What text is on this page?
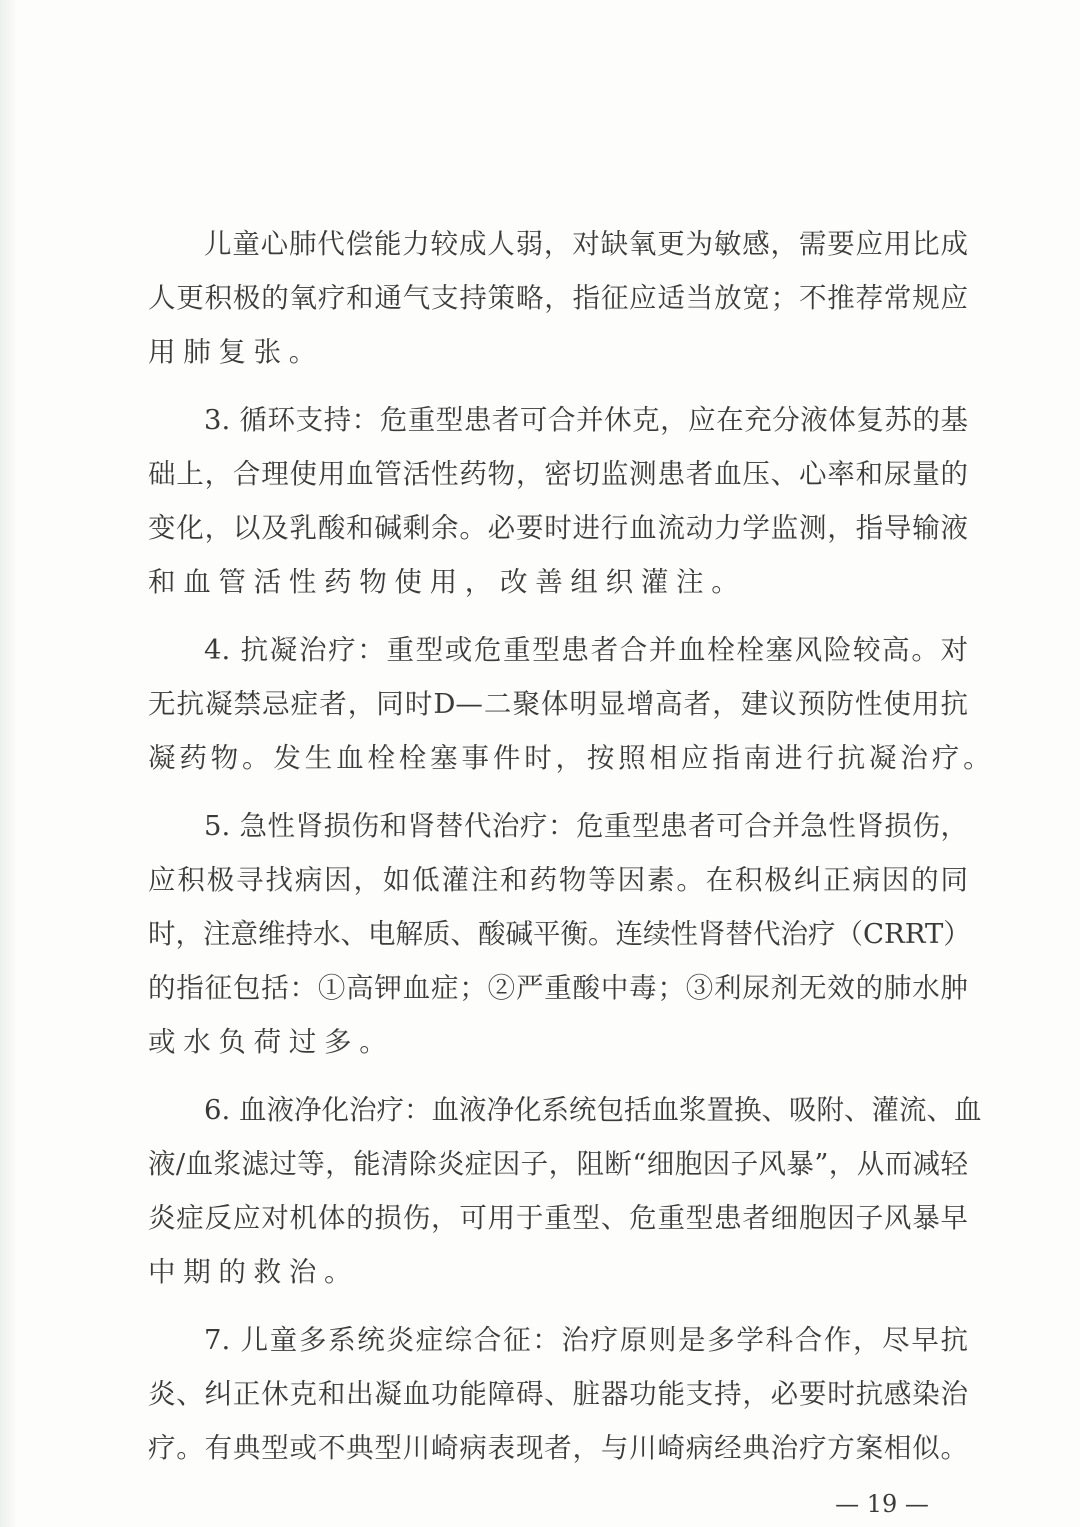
儿童心肺代偿能力较成人弱，对缺氧更为敏感，需要应用比成
人更积极的氧疗和通气支持策略，指征应适当放宽；不推荐常规应
用肺复张。
3. 循环支持：危重型患者可合并休克，应在充分液体复苏的基
础上，合理使用血管活性药物，密切监测患者血压、心率和尿量的
变化，以及乳酸和碱剩余。必要时进行血流动力学监测，指导输液
和血管活性药物使用，改善组织灌注。
4. 抗凝治疗：重型或危重型患者合并血栓栓塞风险较高。对
无抗凝禁忌症者，同时D—二聚体明显增高者，建议预防性使用抗
凝药物。发生血栓栓塞事件时，按照相应指南进行抗凝治疗。
5. 急性肾损伤和肾替代治疗：危重型患者可合并急性肾损伤，
应积极寻找病因，如低灌注和药物等因素。在积极纠正病因的同
时，注意维持水、电解质、酸碱平衡。连续性肾替代治疗（CRRT）
的指征包括：①高钾血症；②严重酸中毒；③利尿剂无效的肺水肿
或水负荷过多。
6. 血液净化治疗：血液净化系统包括血浆置换、吸附、灌流、血
液/血浆滤过等，能清除炎症因子，阻断“细胞因子风暴”，从而减轻
炎症反应对机体的损伤，可用于重型、危重型患者细胞因子风暴早
中期的救治。
7. 儿童多系统炎症综合征：治疗原则是多学科合作，尽早抗
炎、纠正休克和出凝血功能障碍、脏器功能支持，必要时抗感染治
疗。有典型或不典型川崎病表现者，与川崎病经典治疗方案相似。
— 19 —
